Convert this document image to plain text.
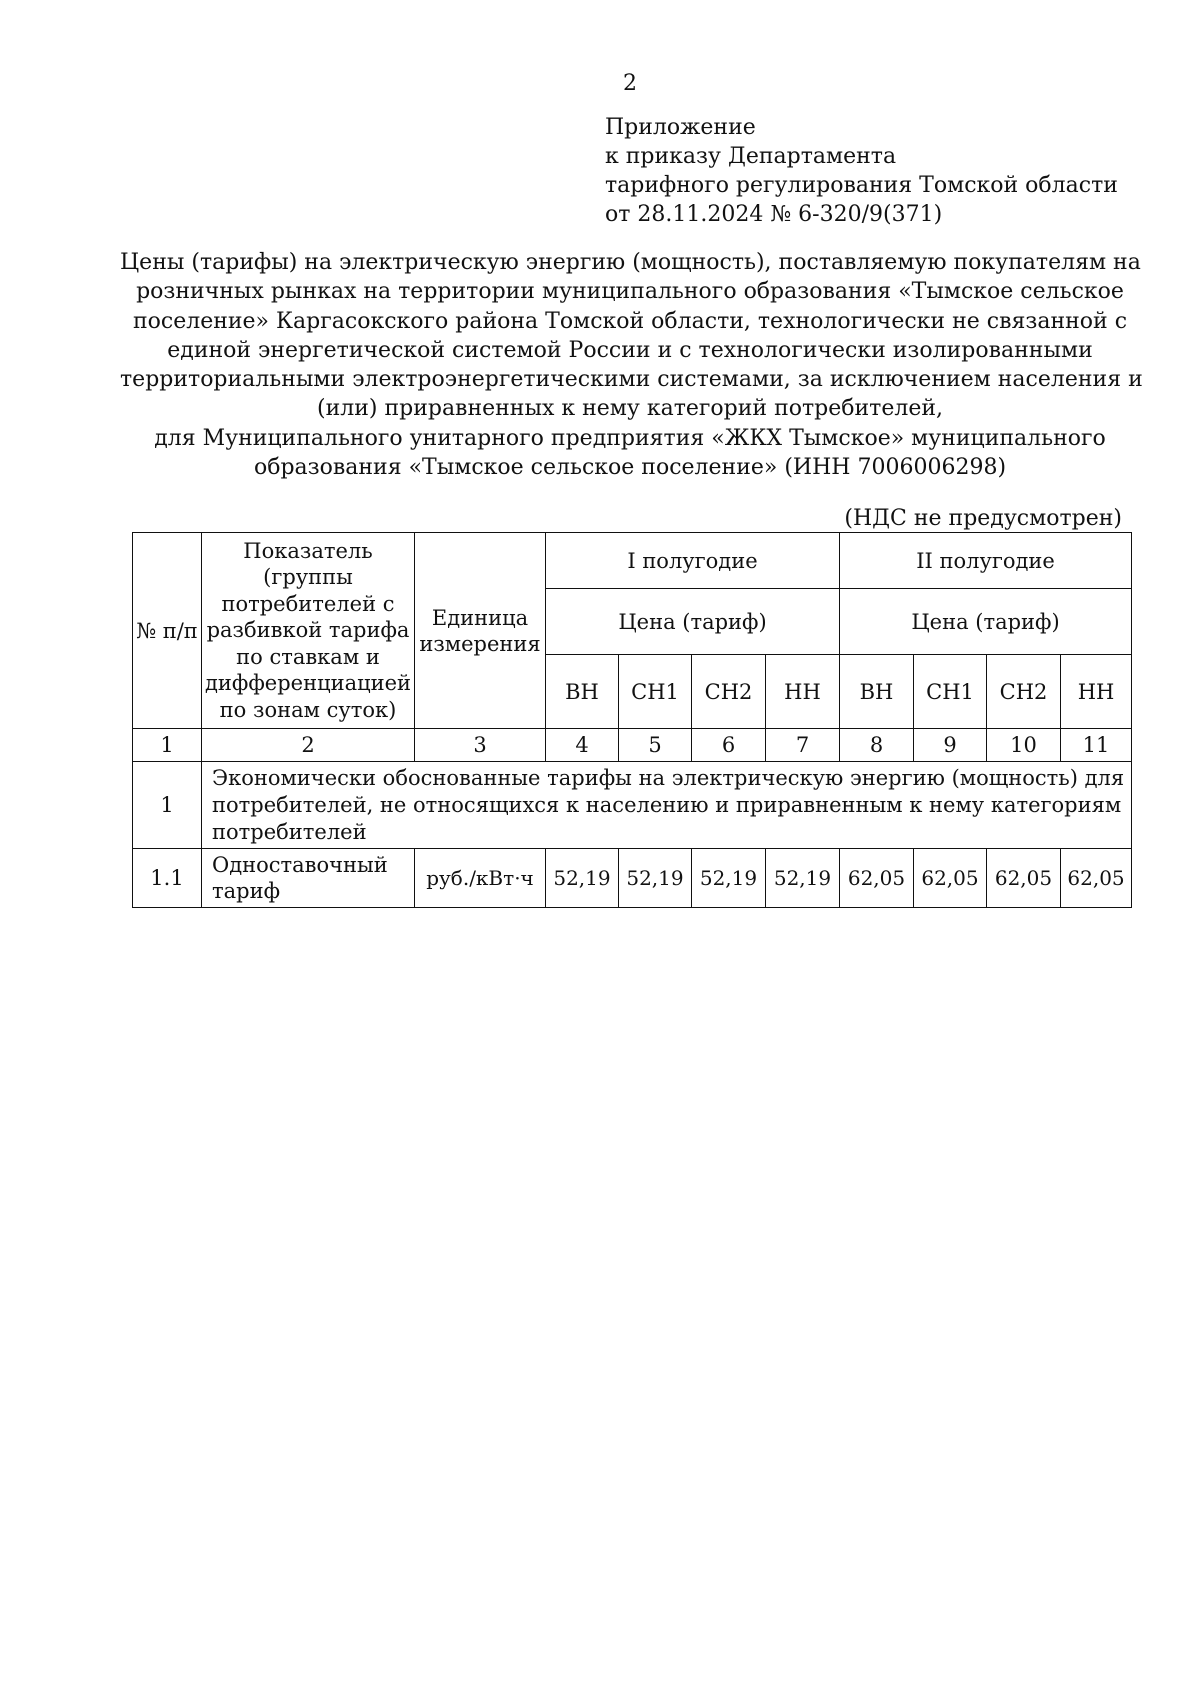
2
Приложение
к приказу Департамента
тарифного регулирования Томской области
от 28.11.2024 № 6-320/9(371)
Цены (тарифы) на электрическую энергию (мощность), поставляемую покупателям на
розничных рынках на территории муниципального образования «Тымское сельское
поселение» Каргасокского района Томской области, технологически не связанной с
единой энергетической системой России и с технологически изолированными
территориальными электроэнергетическими системами, за исключением населения и
(или) приравненных к нему категорий потребителей,
для Муниципального унитарного предприятия «ЖКХ Тымское» муниципального
образования «Тымское сельское поселение» (ИНН 7006006298)
(НДС не предусмотрен)
№ п/п	Показатель (группы потребителей с разбивкой тарифа по ставкам и дифференциацией по зонам суток)	Единица измерения	I полугодие				II полугодие			
			Цена (тариф)				Цена (тариф)			
			ВН	СН1	СН2	НН	ВН	СН1	СН2	НН
1	2	3	4	5	6	7	8	9	10	11
1	Экономически обоснованные тарифы на электрическую энергию (мощность) для потребителей, не относящихся к населению и приравненным к нему категориям потребителей									
1.1	Одноставочный тариф	руб./кВт·ч	52,19	52,19	52,19	52,19	62,05	62,05	62,05	62,05
